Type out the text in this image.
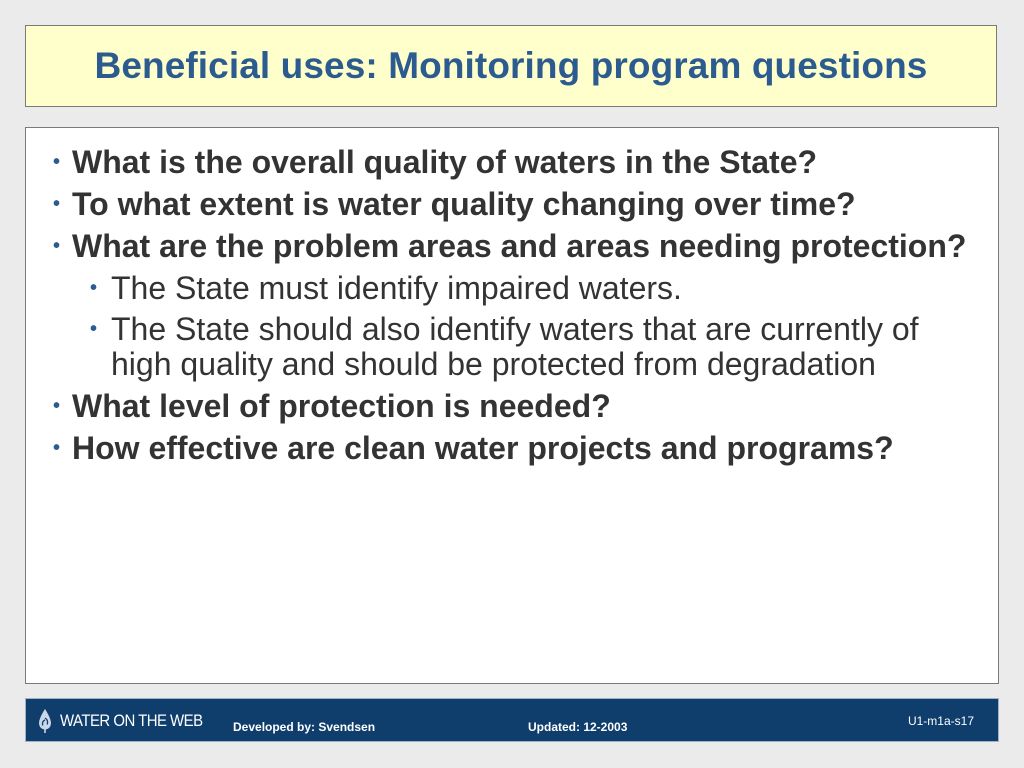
Beneficial uses: Monitoring program questions
• What is the overall quality of waters in the State?
• To what extent is water quality changing over time?
• What are the problem areas and areas needing protection?
• The State must identify impaired waters.
• The State should also identify waters that are currently of high quality and should be protected from degradation
• What level of protection is needed?
• How effective are clean water projects and programs?
WATER ON THE WEB	Developed by: Svendsen	Updated: 12-2003	U1-m1a-s17
